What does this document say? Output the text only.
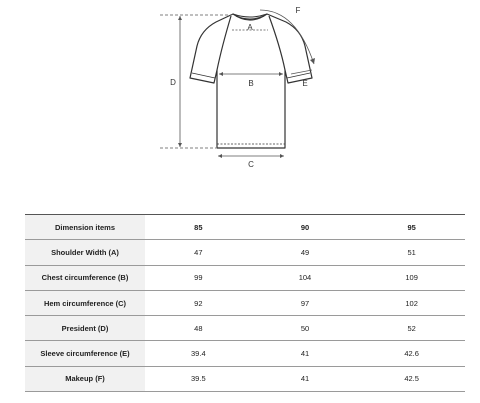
A
B
C
D	E
F
Dimension items	85	90	95
Shoulder Width (A)	47	49	51
Chest circumference (B)	99	104	109
Hem circumference (C)	92	97	102
President (D)	48	50	52
Sleeve circumference (E)	39.4	41	42.6
Makeup (F)	39.5	41	42.5
